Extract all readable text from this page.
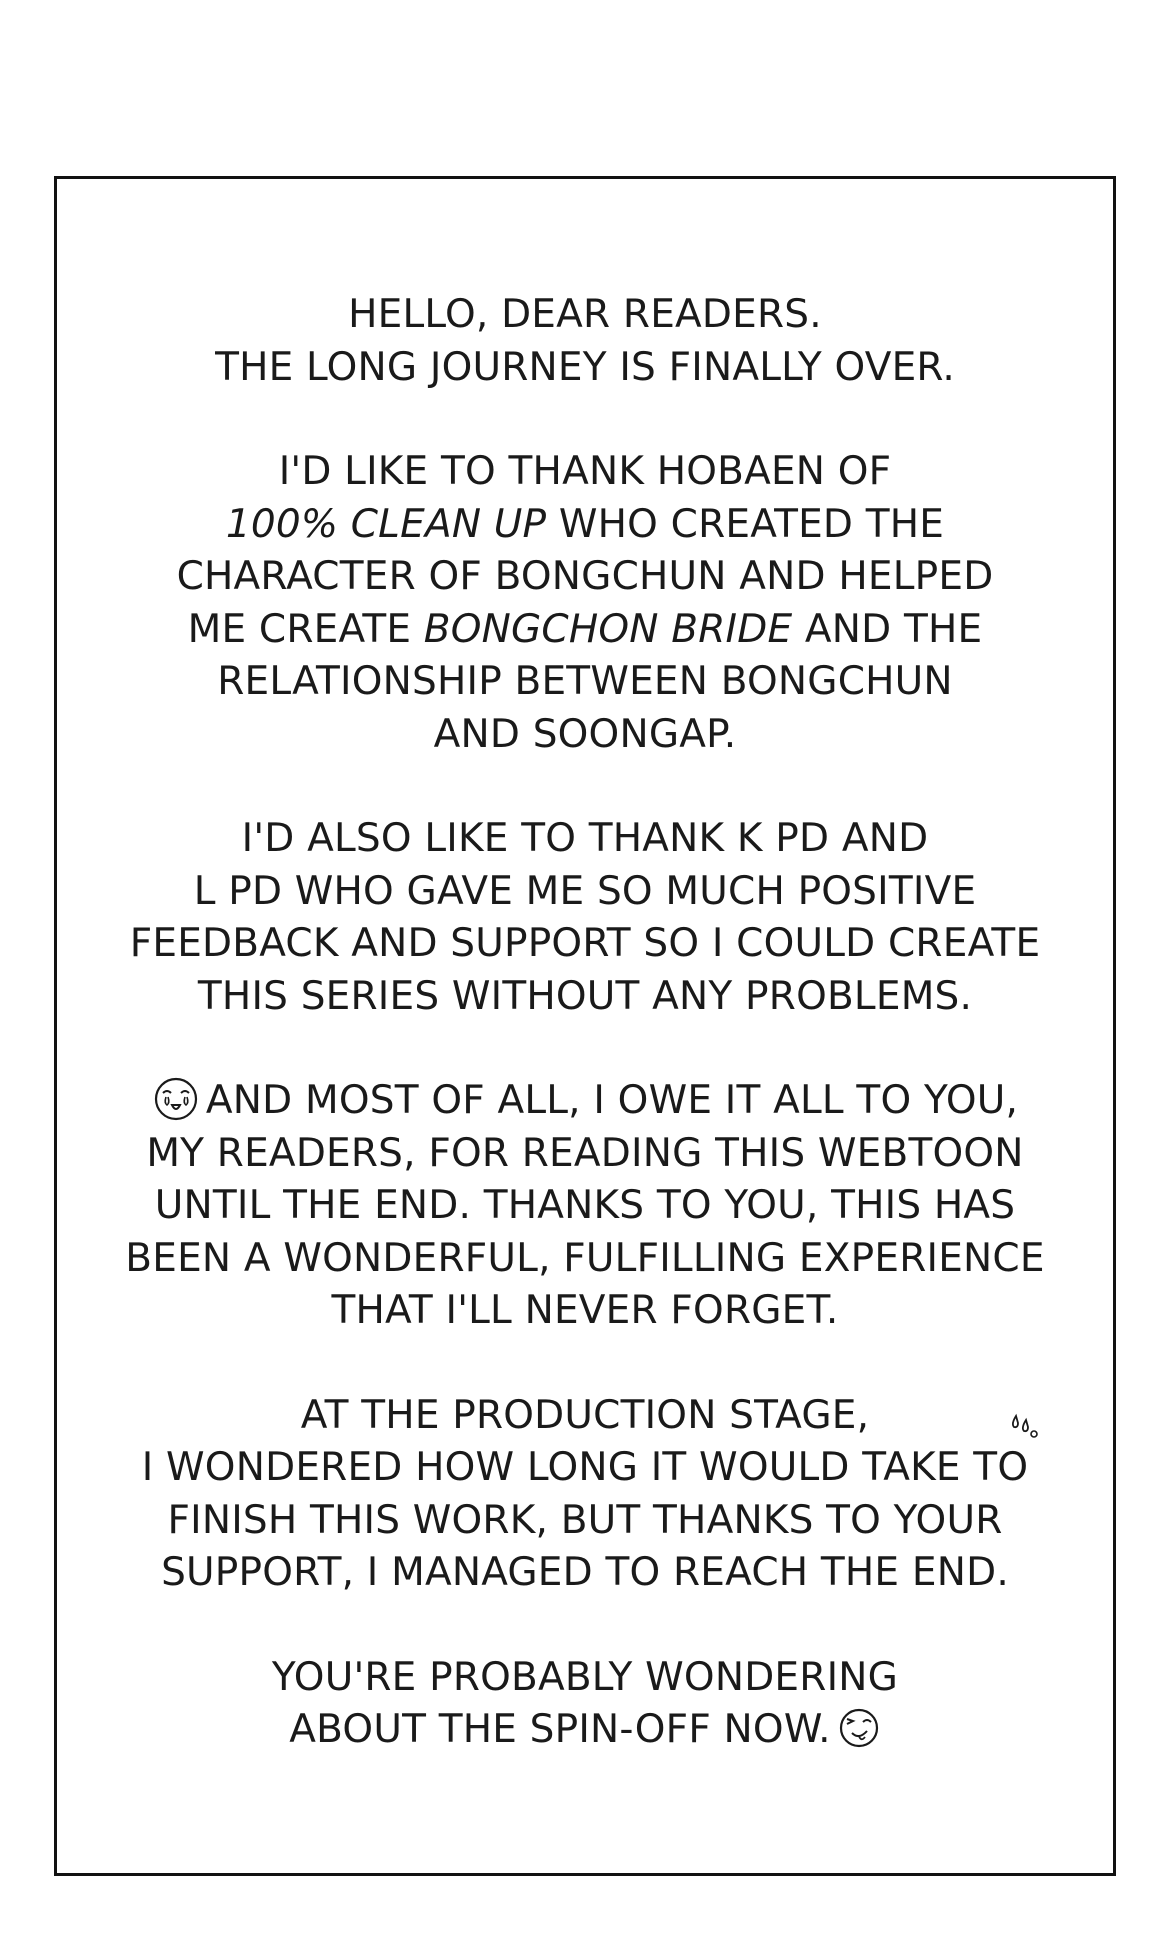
HELLO, DEAR READERS.
THE LONG JOURNEY IS FINALLY OVER.

I'D LIKE TO THANK HOBAEN OF
100% CLEAN UP WHO CREATED THE
CHARACTER OF BONGCHUN AND HELPED
ME CREATE BONGCHON BRIDE AND THE
RELATIONSHIP BETWEEN BONGCHUN
AND SOONGAP.

I'D ALSO LIKE TO THANK K PD AND
L PD WHO GAVE ME SO MUCH POSITIVE
FEEDBACK AND SUPPORT SO I COULD CREATE
THIS SERIES WITHOUT ANY PROBLEMS.

AND MOST OF ALL, I OWE IT ALL TO YOU,
MY READERS, FOR READING THIS WEBTOON
UNTIL THE END. THANKS TO YOU, THIS HAS
BEEN A WONDERFUL, FULFILLING EXPERIENCE
THAT I'LL NEVER FORGET.

AT THE PRODUCTION STAGE,
I WONDERED HOW LONG IT WOULD TAKE TO
FINISH THIS WORK, BUT THANKS TO YOUR
SUPPORT, I MANAGED TO REACH THE END.

YOU'RE PROBABLY WONDERING
ABOUT THE SPIN-OFF NOW.
